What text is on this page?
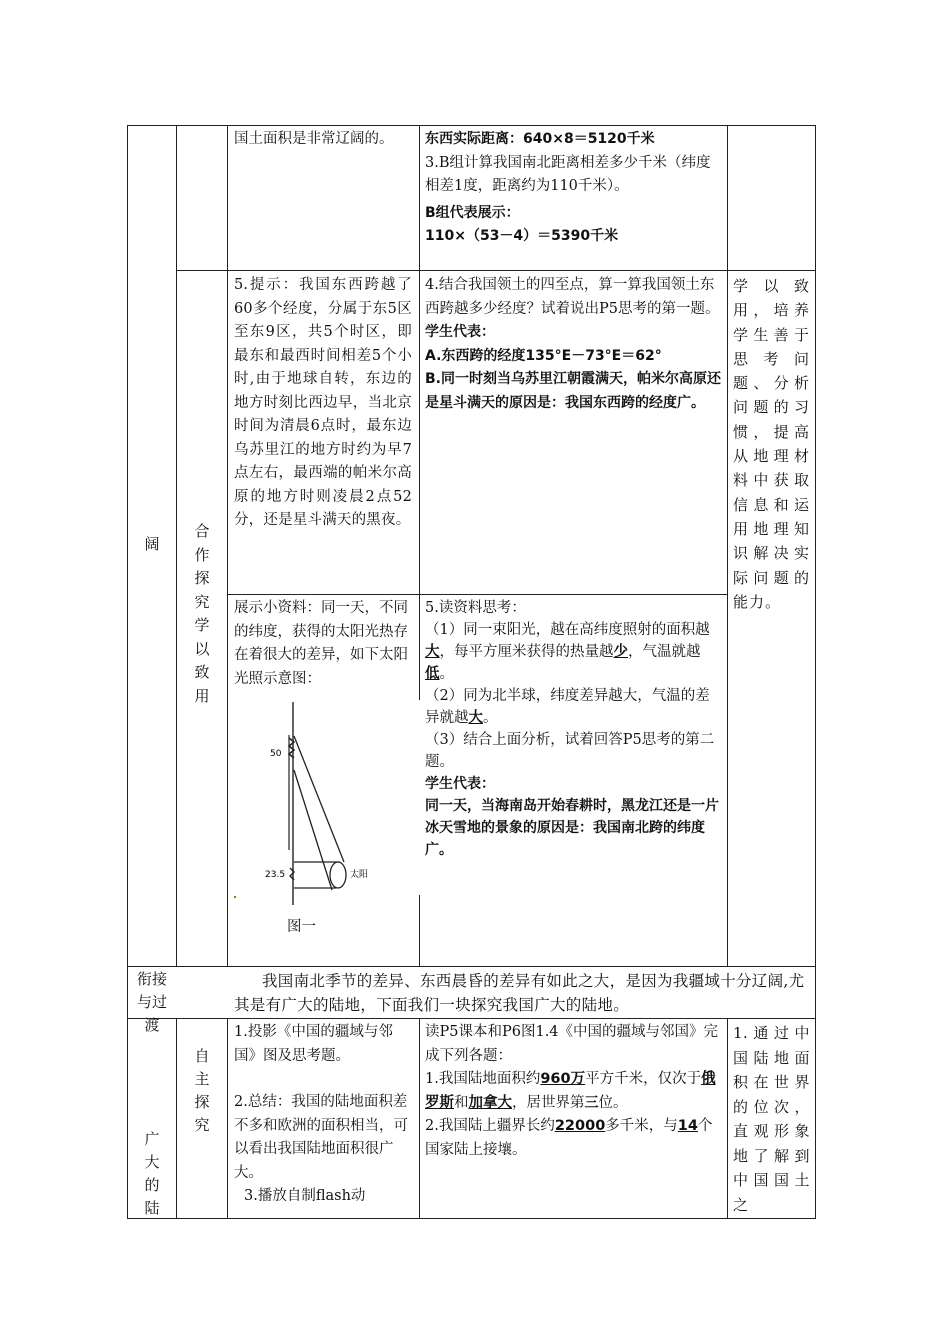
国土面积是非常辽阔的。	东西实际距离：640×8＝5120千米

3.B组计算我国南北距离相差多少千米（纬度相差1度，距离约为110千米）。

B组代表展示：

110×（53－4）＝5390千米

5.提示：我国东西跨越了60多个经度，分属于东5区至东9区，共5个时区，即最东和最西时间相差5个小时,由于地球自转，东边的地方时刻比西边早，当北京时间为清晨6点时，最东边乌苏里江的地方时约为早7点左右，最西端的帕米尔高原的地方时则凌晨2点52分，还是星斗满天的黑夜。

4.结合我国领土的四至点，算一算我国领土东西跨越多少经度？试着说出P5思考的第一题。

学生代表：

A.东西跨的经度135°E－73°E＝62°

B.同一时刻当乌苏里江朝霞满天，帕米尔高原还是星斗满天的原因是：我国东西跨的经度广。

学以致用，培养学生善于思考问题、分析问题的习惯，提高从地理材料中获取信息和运用地理知识解决实际问题的能力。

阔
合作探究 学以致用

展示小资料：同一天，不同的纬度，获得的太阳光热存在着很大的差异，如下太阳光照示意图：

50
23.5	太阳
图一

5.读资料思考：

（1）同一束阳光，越在高纬度照射的面积越大，每平方厘米获得的热量越少，气温就越低。

（2）同为北半球，纬度差异越大，气温的差异就越大。

（3）结合上面分析，试着回答P5思考的第二题。

学生代表：

同一天，当海南岛开始春耕时，黑龙江还是一片冰天雪地的景象的原因是：我国南北跨的纬度广。

衔接与过渡

我国南北季节的差异、东西晨昏的差异有如此之大，是因为我疆域十分辽阔,尤其是有广大的陆地，下面我们一块探究我国广大的陆地。

广大的陆
自主探究

1.投影《中国的疆域与邻国》图及思考题。

2.总结：我国的陆地面积差不多和欧洲的面积相当，可以看出我国陆地面积很广大。

3.播放自制flash动

读P5课本和P6图1.4《中国的疆域与邻国》完成下列各题：

1.我国陆地面积约960万平方千米，仅次于俄罗斯和加拿大，居世界第三位。

2.我国陆上疆界长约22000多千米，与14个国家陆上接壤。

1.通过中国陆地面积在世界的位次，直观形象地了解到中国国土之
